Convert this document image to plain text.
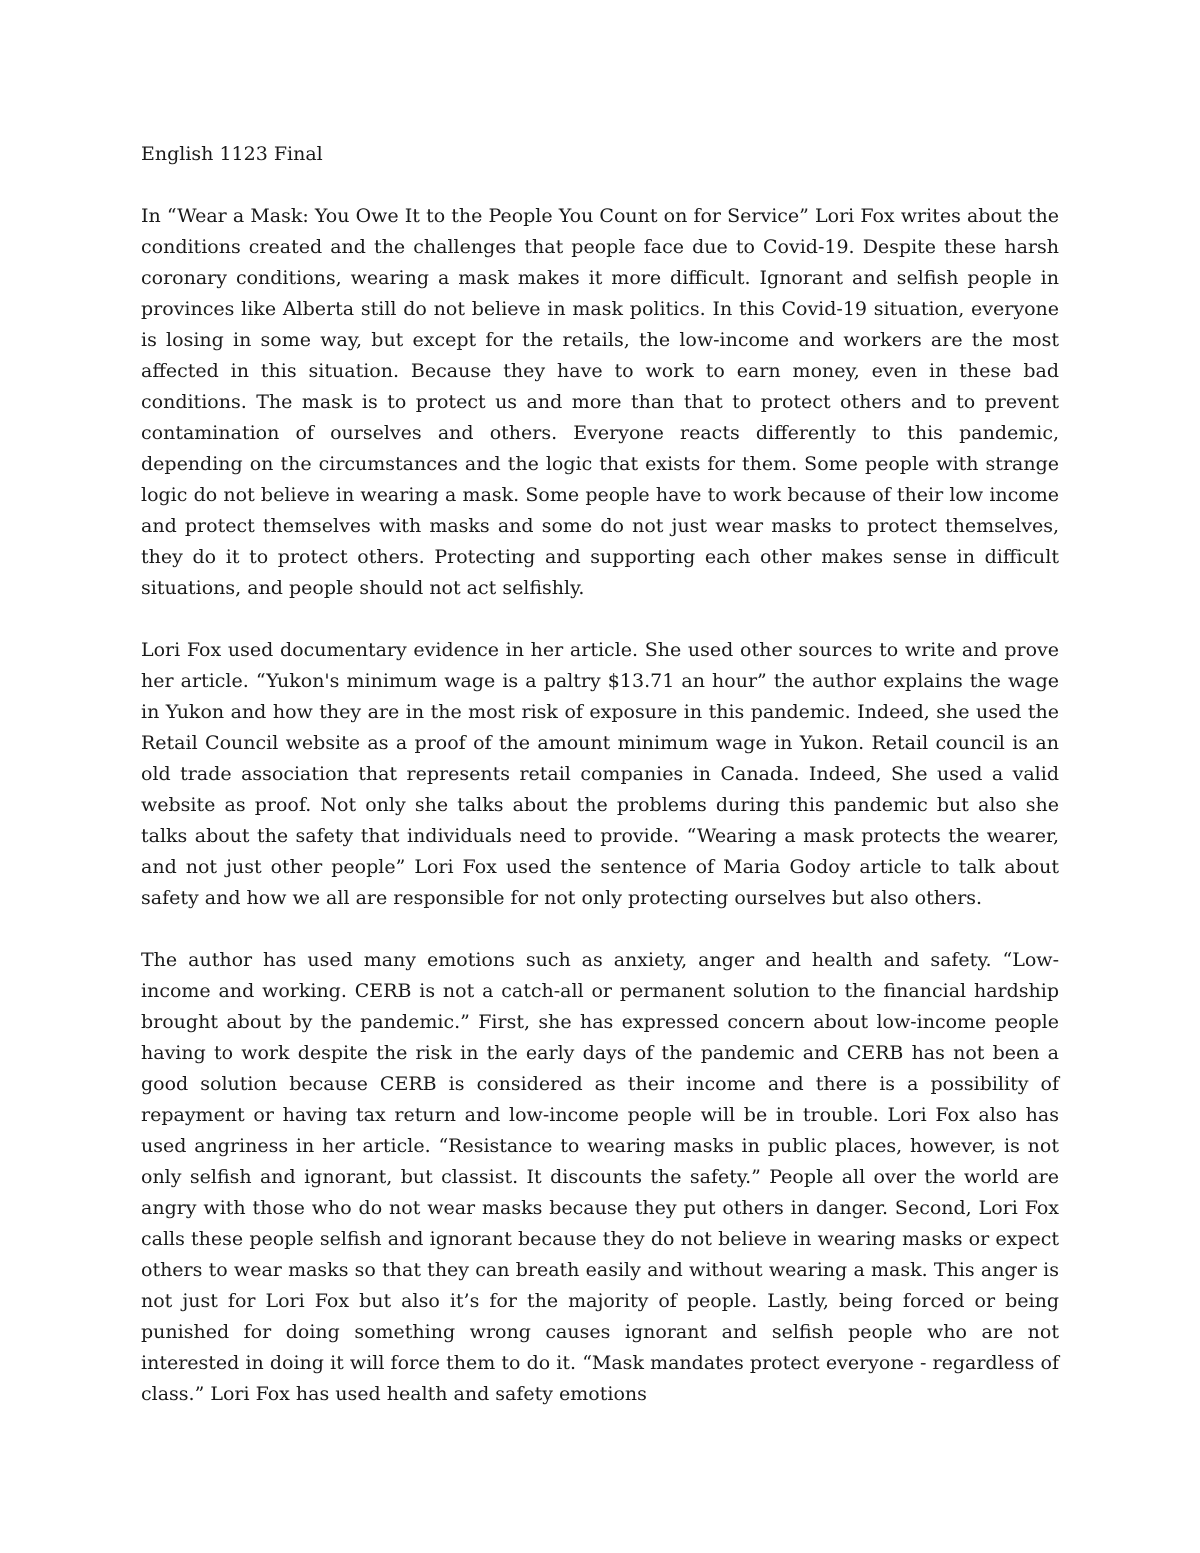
English 1123 Final

In “Wear a Mask: You Owe It to the People You Count on for Service” Lori Fox writes about the conditions created and the challenges that people face due to Covid-19. Despite these harsh coronary conditions, wearing a mask makes it more difficult. Ignorant and selfish people in provinces like Alberta still do not believe in mask politics. In this Covid-19 situation, everyone is losing in some way, but except for the retails, the low-income and workers are the most affected in this situation. Because they have to work to earn money, even in these bad conditions. The mask is to protect us and more than that to protect others and to prevent contamination of ourselves and others. Everyone reacts differently to this pandemic, depending on the circumstances and the logic that exists for them. Some people with strange logic do not believe in wearing a mask. Some people have to work because of their low income and protect themselves with masks and some do not just wear masks to protect themselves, they do it to protect others. Protecting and supporting each other makes sense in difficult situations, and people should not act selfishly.

Lori Fox used documentary evidence in her article. She used other sources to write and prove her article. “Yukon's minimum wage is a paltry $13.71 an hour” the author explains the wage in Yukon and how they are in the most risk of exposure in this pandemic. Indeed, she used the Retail Council website as a proof of the amount minimum wage in Yukon. Retail council is an old trade association that represents retail companies in Canada. Indeed, She used a valid website as proof. Not only she talks about the problems during this pandemic but also she talks about the safety that individuals need to provide. “Wearing a mask protects the wearer, and not just other people” Lori Fox used the sentence of Maria Godoy article to talk about safety and how we all are responsible for not only protecting ourselves but also others.

The author has used many emotions such as anxiety, anger and health and safety. “Low-income and working. CERB is not a catch-all or permanent solution to the financial hardship brought about by the pandemic.” First, she has expressed concern about low-income people having to work despite the risk in the early days of the pandemic and CERB has not been a good solution because CERB is considered as their income and there is a possibility of repayment or having tax return and low-income people will be in trouble. Lori Fox also has used angriness in her article. “Resistance to wearing masks in public places, however, is not only selfish and ignorant, but classist. It discounts the safety.” People all over the world are angry with those who do not wear masks because they put others in danger. Second, Lori Fox calls these people selfish and ignorant because they do not believe in wearing masks or expect others to wear masks so that they can breath easily and without wearing a mask. This anger is not just for Lori Fox but also it’s for the majority of people. Lastly, being forced or being punished for doing something wrong causes ignorant and selfish people who are not interested in doing it will force them to do it. “Mask mandates protect everyone - regardless of class.” Lori Fox has used health and safety emotions
